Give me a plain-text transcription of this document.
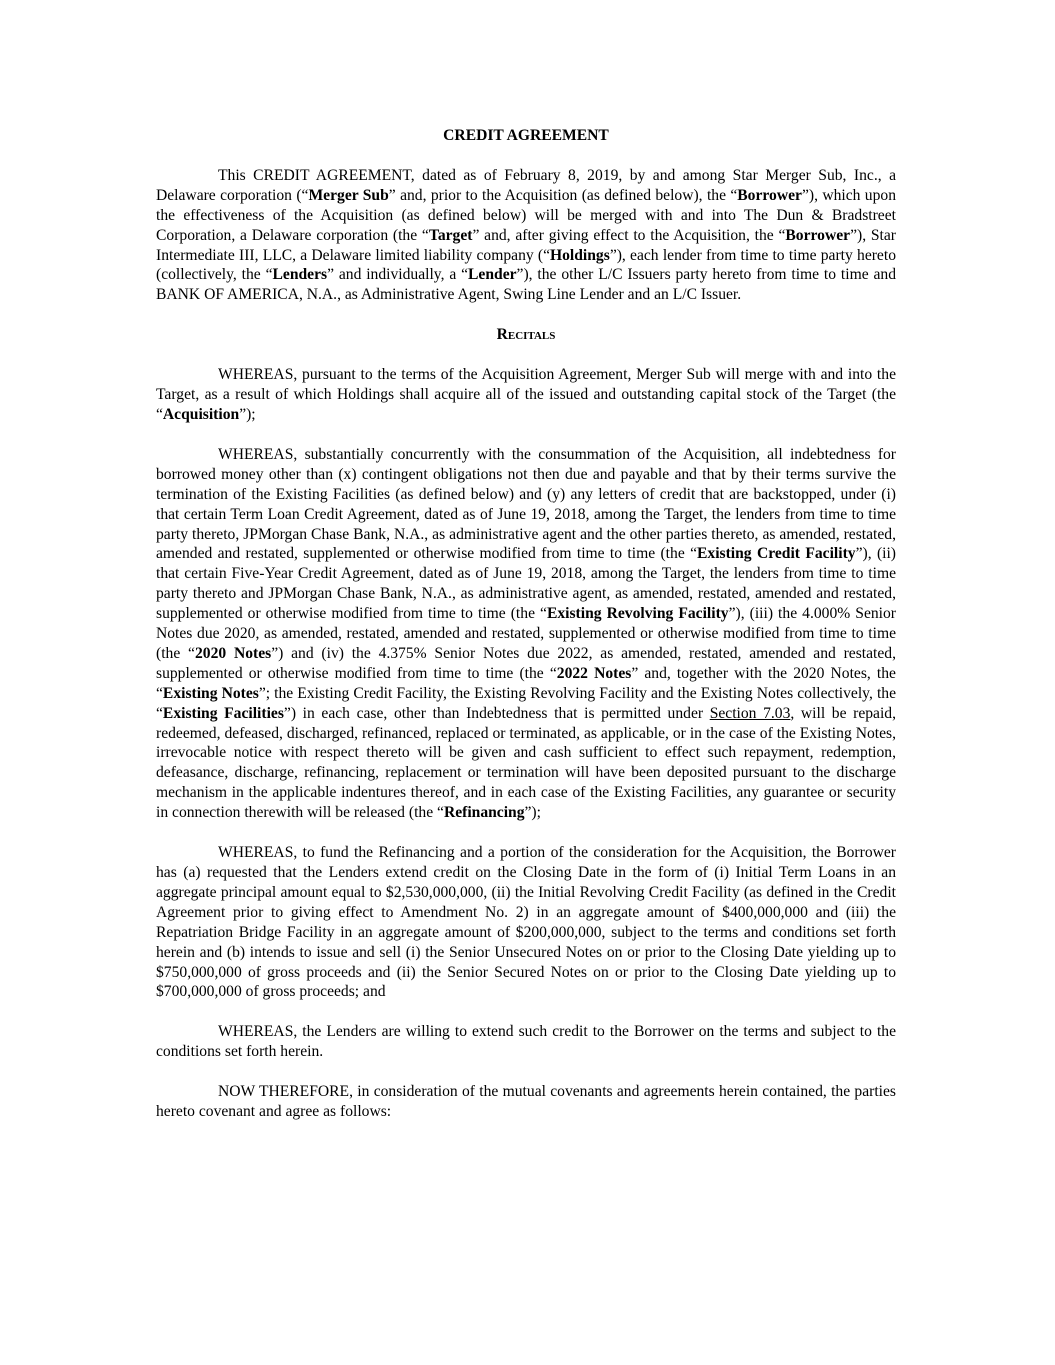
CREDIT AGREEMENT

This CREDIT AGREEMENT, dated as of February 8, 2019, by and among Star Merger Sub, Inc., a Delaware corporation (“Merger Sub” and, prior to the Acquisition (as defined below), the “Borrower”), which upon the effectiveness of the Acquisition (as defined below) will be merged with and into The Dun & Bradstreet Corporation, a Delaware corporation (the “Target” and, after giving effect to the Acquisition, the “Borrower”), Star Intermediate III, LLC, a Delaware limited liability company (“Holdings”), each lender from time to time party hereto (collectively, the “Lenders” and individually, a “Lender”), the other L/C Issuers party hereto from time to time and BANK OF AMERICA, N.A., as Administrative Agent, Swing Line Lender and an L/C Issuer.

Recitals

WHEREAS, pursuant to the terms of the Acquisition Agreement, Merger Sub will merge with and into the Target, as a result of which Holdings shall acquire all of the issued and outstanding capital stock of the Target (the “Acquisition”);

WHEREAS, substantially concurrently with the consummation of the Acquisition, all indebtedness for borrowed money other than (x) contingent obligations not then due and payable and that by their terms survive the termination of the Existing Facilities (as defined below) and (y) any letters of credit that are backstopped, under (i) that certain Term Loan Credit Agreement, dated as of June 19, 2018, among the Target, the lenders from time to time party thereto, JPMorgan Chase Bank, N.A., as administrative agent and the other parties thereto, as amended, restated, amended and restated, supplemented or otherwise modified from time to time (the “Existing Credit Facility”), (ii) that certain Five-Year Credit Agreement, dated as of June 19, 2018, among the Target, the lenders from time to time party thereto and JPMorgan Chase Bank, N.A., as administrative agent, as amended, restated, amended and restated, supplemented or otherwise modified from time to time (the “Existing Revolving Facility”), (iii) the 4.000% Senior Notes due 2020, as amended, restated, amended and restated, supplemented or otherwise modified from time to time (the “2020 Notes”) and (iv) the 4.375% Senior Notes due 2022, as amended, restated, amended and restated, supplemented or otherwise modified from time to time (the “2022 Notes” and, together with the 2020 Notes, the “Existing Notes”; the Existing Credit Facility, the Existing Revolving Facility and the Existing Notes collectively, the “Existing Facilities”) in each case, other than Indebtedness that is permitted under Section 7.03, will be repaid, redeemed, defeased, discharged, refinanced, replaced or terminated, as applicable, or in the case of the Existing Notes, irrevocable notice with respect thereto will be given and cash sufficient to effect such repayment, redemption, defeasance, discharge, refinancing, replacement or termination will have been deposited pursuant to the discharge mechanism in the applicable indentures thereof, and in each case of the Existing Facilities, any guarantee or security in connection therewith will be released (the “Refinancing”);

WHEREAS, to fund the Refinancing and a portion of the consideration for the Acquisition, the Borrower has (a) requested that the Lenders extend credit on the Closing Date in the form of (i) Initial Term Loans in an aggregate principal amount equal to $2,530,000,000, (ii) the Initial Revolving Credit Facility (as defined in the Credit Agreement prior to giving effect to Amendment No. 2) in an aggregate amount of $400,000,000 and (iii) the Repatriation Bridge Facility in an aggregate amount of $200,000,000, subject to the terms and conditions set forth herein and (b) intends to issue and sell (i) the Senior Unsecured Notes on or prior to the Closing Date yielding up to $750,000,000 of gross proceeds and (ii) the Senior Secured Notes on or prior to the Closing Date yielding up to $700,000,000 of gross proceeds; and

WHEREAS, the Lenders are willing to extend such credit to the Borrower on the terms and subject to the conditions set forth herein.

NOW THEREFORE, in consideration of the mutual covenants and agreements herein contained, the parties hereto covenant and agree as follows:
